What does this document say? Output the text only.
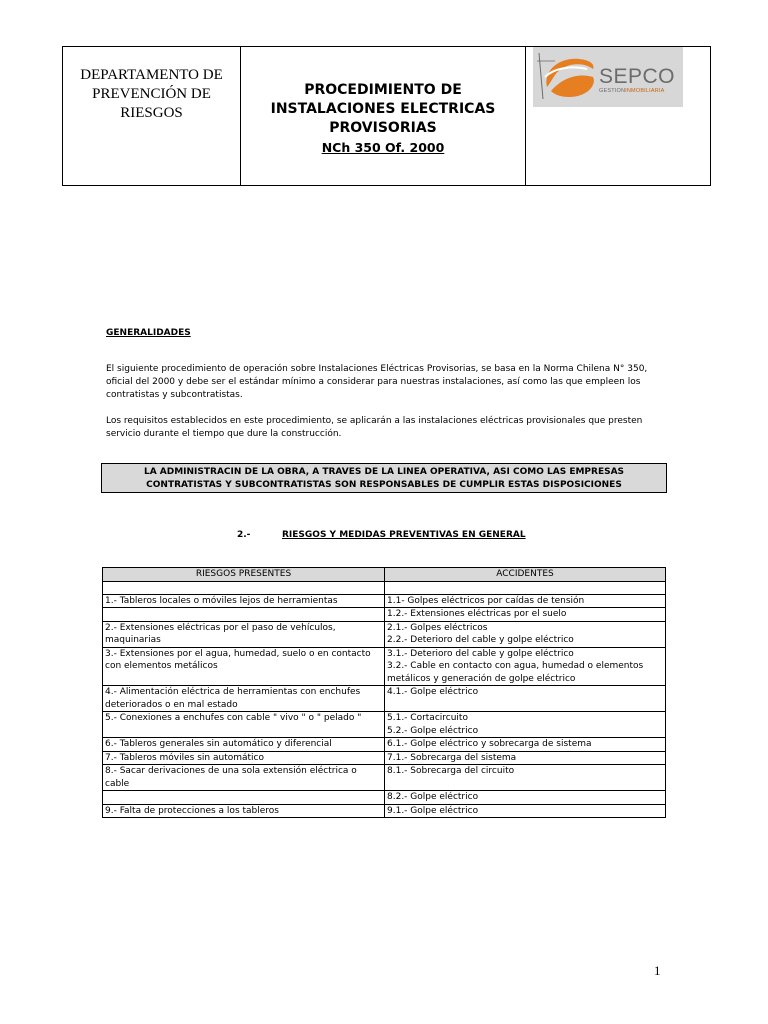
DEPARTAMENTO DE
PREVENCIÓN DE
RIESGOS
PROCEDIMIENTO DE
INSTALACIONES ELECTRICAS
PROVISORIAS
NCh 350 Of. 2000
SEPCO
GESTIONINMOBILIARIA
GENERALIDADES
El siguiente procedimiento de operación sobre Instalaciones Eléctricas Provisorias, se basa en la Norma Chilena N° 350,
oficial del 2000 y debe ser el estándar mínimo a considerar para nuestras instalaciones, así como las que empleen los
contratistas y subcontratistas.
Los requisitos establecidos en este procedimiento, se aplicarán a las instalaciones eléctricas provisionales que presten
servicio durante el tiempo que dure la construcción.
LA ADMINISTRACIN DE LA OBRA, A TRAVES DE LA LINEA OPERATIVA, ASI COMO LAS EMPRESAS
CONTRATISTAS Y SUBCONTRATISTAS SON RESPONSABLES DE CUMPLIR ESTAS DISPOSICIONES
2.-	RIESGOS Y MEDIDAS PREVENTIVAS EN GENERAL
RIESGOS PRESENTES	ACCIDENTES

1.- Tableros locales o móviles lejos de herramientas	1.1- Golpes eléctricos por caídas de tensión
	1.2.- Extensiones eléctricas por el suelo
2.- Extensiones eléctricas por el paso de vehículos, maquinarias	2.1.- Golpes eléctricos
2.2.- Deterioro del cable y golpe eléctrico
3.- Extensiones por el agua, humedad, suelo o en contacto con elementos metálicos	3.1.- Deterioro del cable y golpe eléctrico
3.2.- Cable en contacto con agua, humedad o elementos metálicos y generación de golpe eléctrico
4.- Alimentación eléctrica de herramientas con enchufes deteriorados o en mal estado	4.1.- Golpe eléctrico
5.- Conexiones a enchufes con cable " vivo " o " pelado "	5.1.- Cortacircuito
5.2.- Golpe eléctrico
6.- Tableros generales sin automático y diferencial	6.1.- Golpe eléctrico y sobrecarga de sistema
7.- Tableros móviles sin automático	7.1.- Sobrecarga del sistema
8.- Sacar derivaciones de una sola extensión eléctrica o cable	8.1.- Sobrecarga del circuito
	8.2.- Golpe eléctrico
9.- Falta de protecciones a los tableros	9.1.- Golpe eléctrico
1
